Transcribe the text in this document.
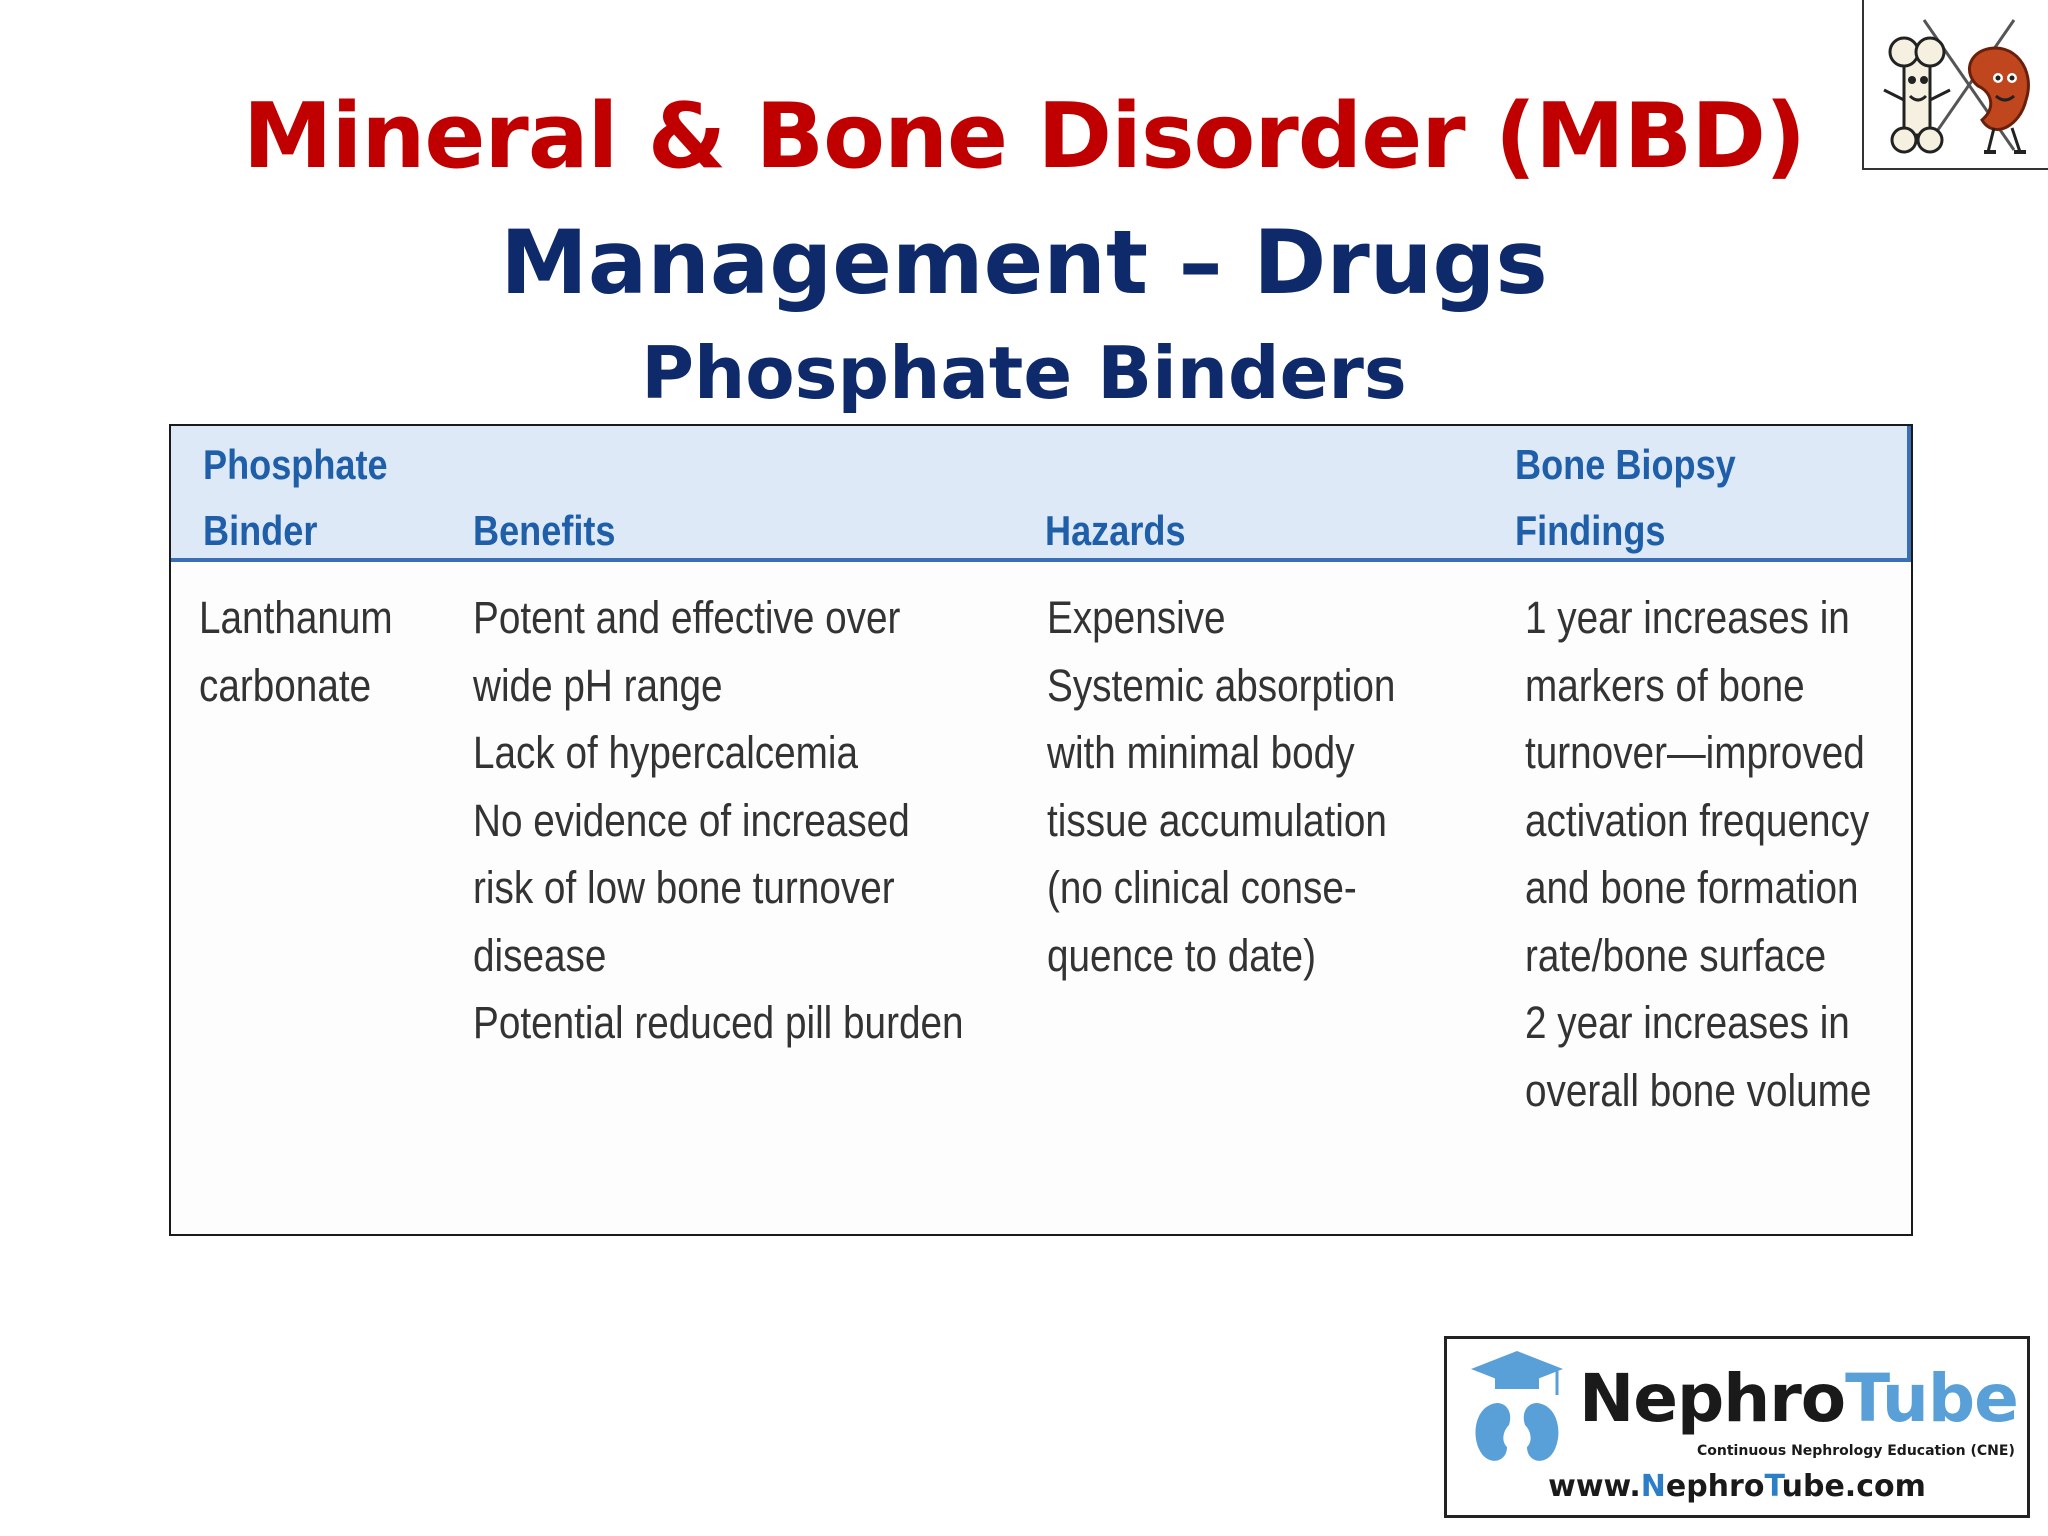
Mineral & Bone Disorder (MBD)
Management – Drugs
Phosphate Binders
Phosphate
Binder	Benefits	Hazards
Bone Biopsy
Findings
Lanthanum
carbonate
Potent and effective over
wide pH range
Lack of hypercalcemia
No evidence of increased
risk of low bone turnover
disease
Potential reduced pill burden
Expensive
Systemic absorption
with minimal body
tissue accumulation
(no clinical conse-
quence to date)
1 year increases in
markers of bone
turnover—improved
activation frequency
and bone formation
rate/bone surface
2 year increases in
overall bone volume
NephroTube
Continuous Nephrology Education (CNE)
www.NephroTube.com
